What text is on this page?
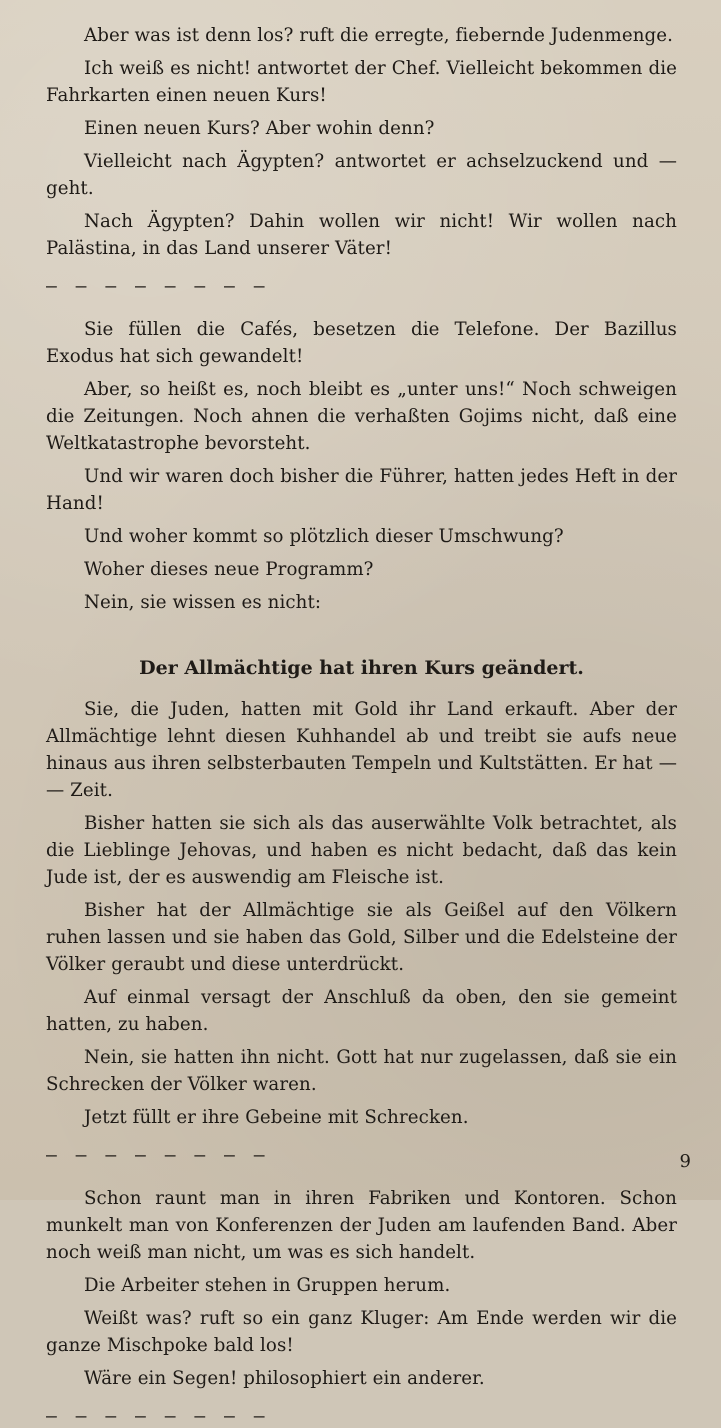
Aber was ist denn los? ruft die erregte, fiebernde Judenmenge.

Ich weiß es nicht! antwortet der Chef. Vielleicht bekommen die Fahrkarten einen neuen Kurs!

Einen neuen Kurs? Aber wohin denn?

Vielleicht nach Ägypten? antwortet er achselzuckend und — geht.

Nach Ägypten? Dahin wollen wir nicht! Wir wollen nach Palästina, in das Land unserer Väter!

— — — — — — — —

Sie füllen die Cafés, besetzen die Telefone. Der Bazillus Exodus hat sich gewandelt!

Aber, so heißt es, noch bleibt es „unter uns!“ Noch schweigen die Zeitungen. Noch ahnen die verhaßten Gojims nicht, daß eine Weltkatastrophe bevorsteht.

Und wir waren doch bisher die Führer, hatten jedes Heft in der Hand!

Und woher kommt so plötzlich dieser Umschwung?

Woher dieses neue Programm?

Nein, sie wissen es nicht:

Der Allmächtige hat ihren Kurs geändert.

Sie, die Juden, hatten mit Gold ihr Land erkauft. Aber der Allmächtige lehnt diesen Kuhhandel ab und treibt sie aufs neue hinaus aus ihren selbsterbauten Tempeln und Kultstätten. Er hat — — Zeit.

Bisher hatten sie sich als das auserwählte Volk betrachtet, als die Lieblinge Jehovas, und haben es nicht bedacht, daß das kein Jude ist, der es auswendig am Fleische ist.

Bisher hat der Allmächtige sie als Geißel auf den Völkern ruhen lassen und sie haben das Gold, Silber und die Edelsteine der Völker geraubt und diese unterdrückt.

Auf einmal versagt der Anschluß da oben, den sie gemeint hatten, zu haben.

Nein, sie hatten ihn nicht. Gott hat nur zugelassen, daß sie ein Schrecken der Völker waren.

Jetzt füllt er ihre Gebeine mit Schrecken.

— — — — — — — —

Schon raunt man in ihren Fabriken und Kontoren. Schon munkelt man von Konferenzen der Juden am laufenden Band. Aber noch weiß man nicht, um was es sich handelt.

Die Arbeiter stehen in Gruppen herum.

Weißt was? ruft so ein ganz Kluger: Am Ende werden wir die ganze Mischpoke bald los!

Wäre ein Segen! philosophiert ein anderer.

— — — — — — — —
9
